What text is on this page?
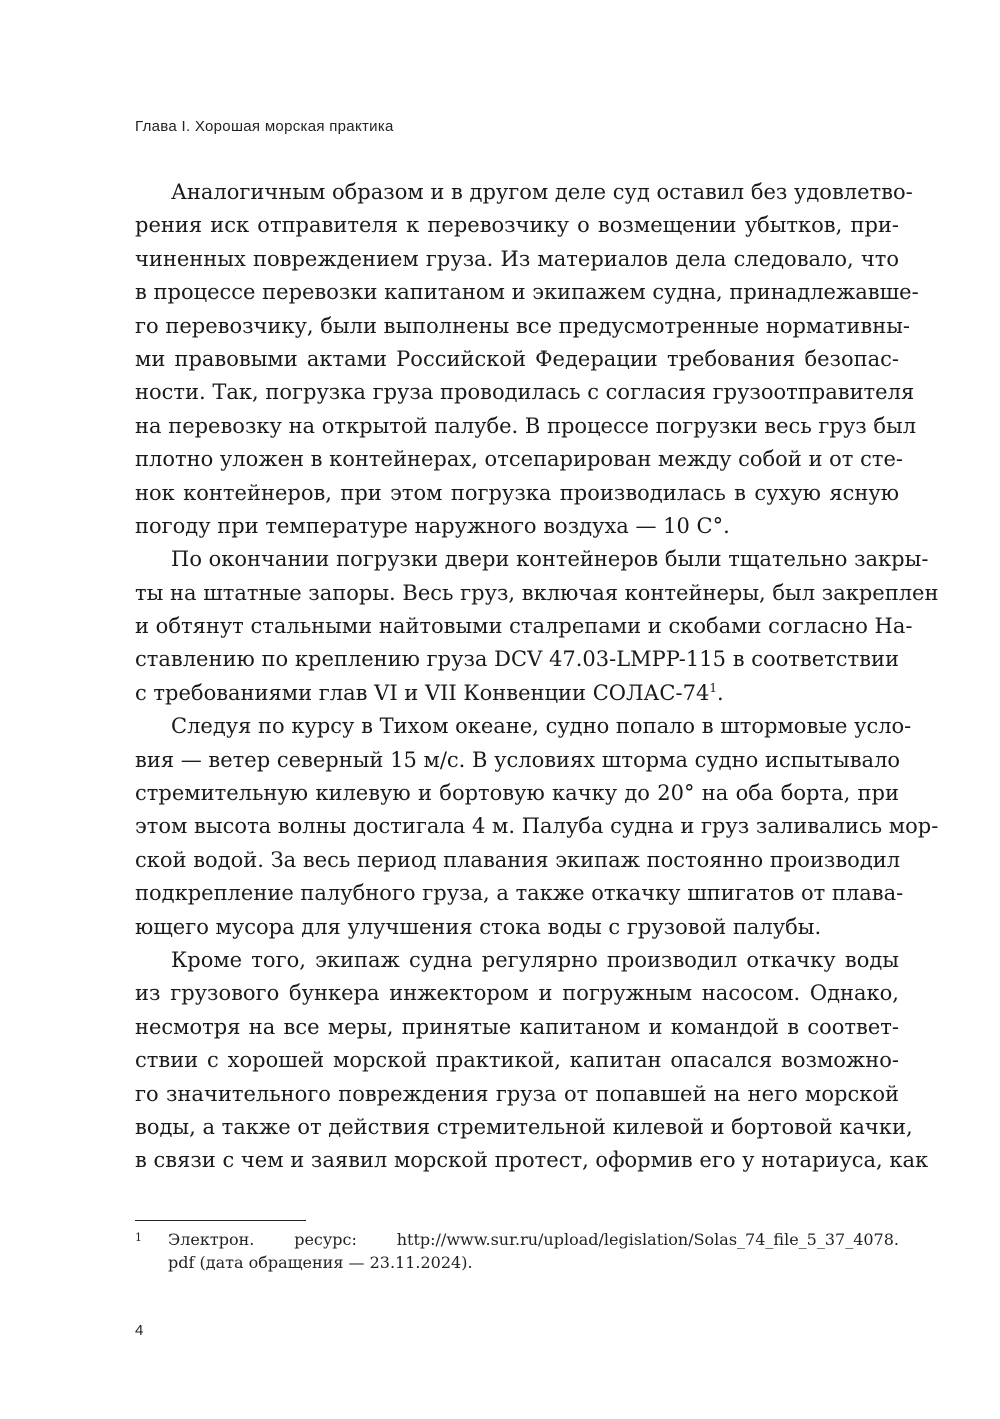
Глава I. Хорошая морская практика
Аналогичным образом и в другом деле суд оставил без удовлетво-
рения иск отправителя к перевозчику о возмещении убытков, при-
чиненных повреждением груза. Из материалов дела следовало, что
в процессе перевозки капитаном и экипажем судна, принадлежавше-
го перевозчику, были выполнены все предусмотренные нормативны-
ми правовыми актами Российской Федерации требования безопас-
ности. Так, погрузка груза проводилась с согласия грузоотправителя
на перевозку на открытой палубе. В процессе погрузки весь груз был
плотно уложен в контейнерах, отсепарирован между собой и от сте-
нок контейнеров, при этом погрузка производилась в сухую ясную
погоду при температуре наружного воздуха — 10 С°.
По окончании погрузки двери контейнеров были тщательно закры-
ты на штатные запоры. Весь груз, включая контейнеры, был закреплен
и обтянут стальными найтовыми сталрепами и скобами согласно На-
ставлению по креплению груза DCV 47.03-LMPP-115 в соответствии
с требованиями глав VI и VII Конвенции СОЛАС-$74^1$.
Следуя по курсу в Тихом океане, судно попало в штормовые усло-
вия — ветер северный 15 м/с. В условиях шторма судно испытывало
стремительную килевую и бортовую качку до 20° на оба борта, при
этом высота волны достигала 4 м. Палуба судна и груз заливались мор-
ской водой. За весь период плавания экипаж постоянно производил
подкрепление палубного груза, а также откачку шпигатов от плава-
ющего мусора для улучшения стока воды с грузовой палубы.
Кроме того, экипаж судна регулярно производил откачку воды
из грузового бункера инжектором и погружным насосом. Однако,
несмотря на все меры, принятые капитаном и командой в соответ-
ствии с хорошей морской практикой, капитан опасался возможно-
го значительного повреждения груза от попавшей на него морской
воды, а также от действия стремительной килевой и бортовой качки,
в связи с чем и заявил морской протест, оформив его у нотариуса, как
1	Электрон. ресурс: http://www.sur.ru/upload/legislation/Solas_74_file_5_37_4078.
pdf (дата обращения — 23.11.2024).
4
